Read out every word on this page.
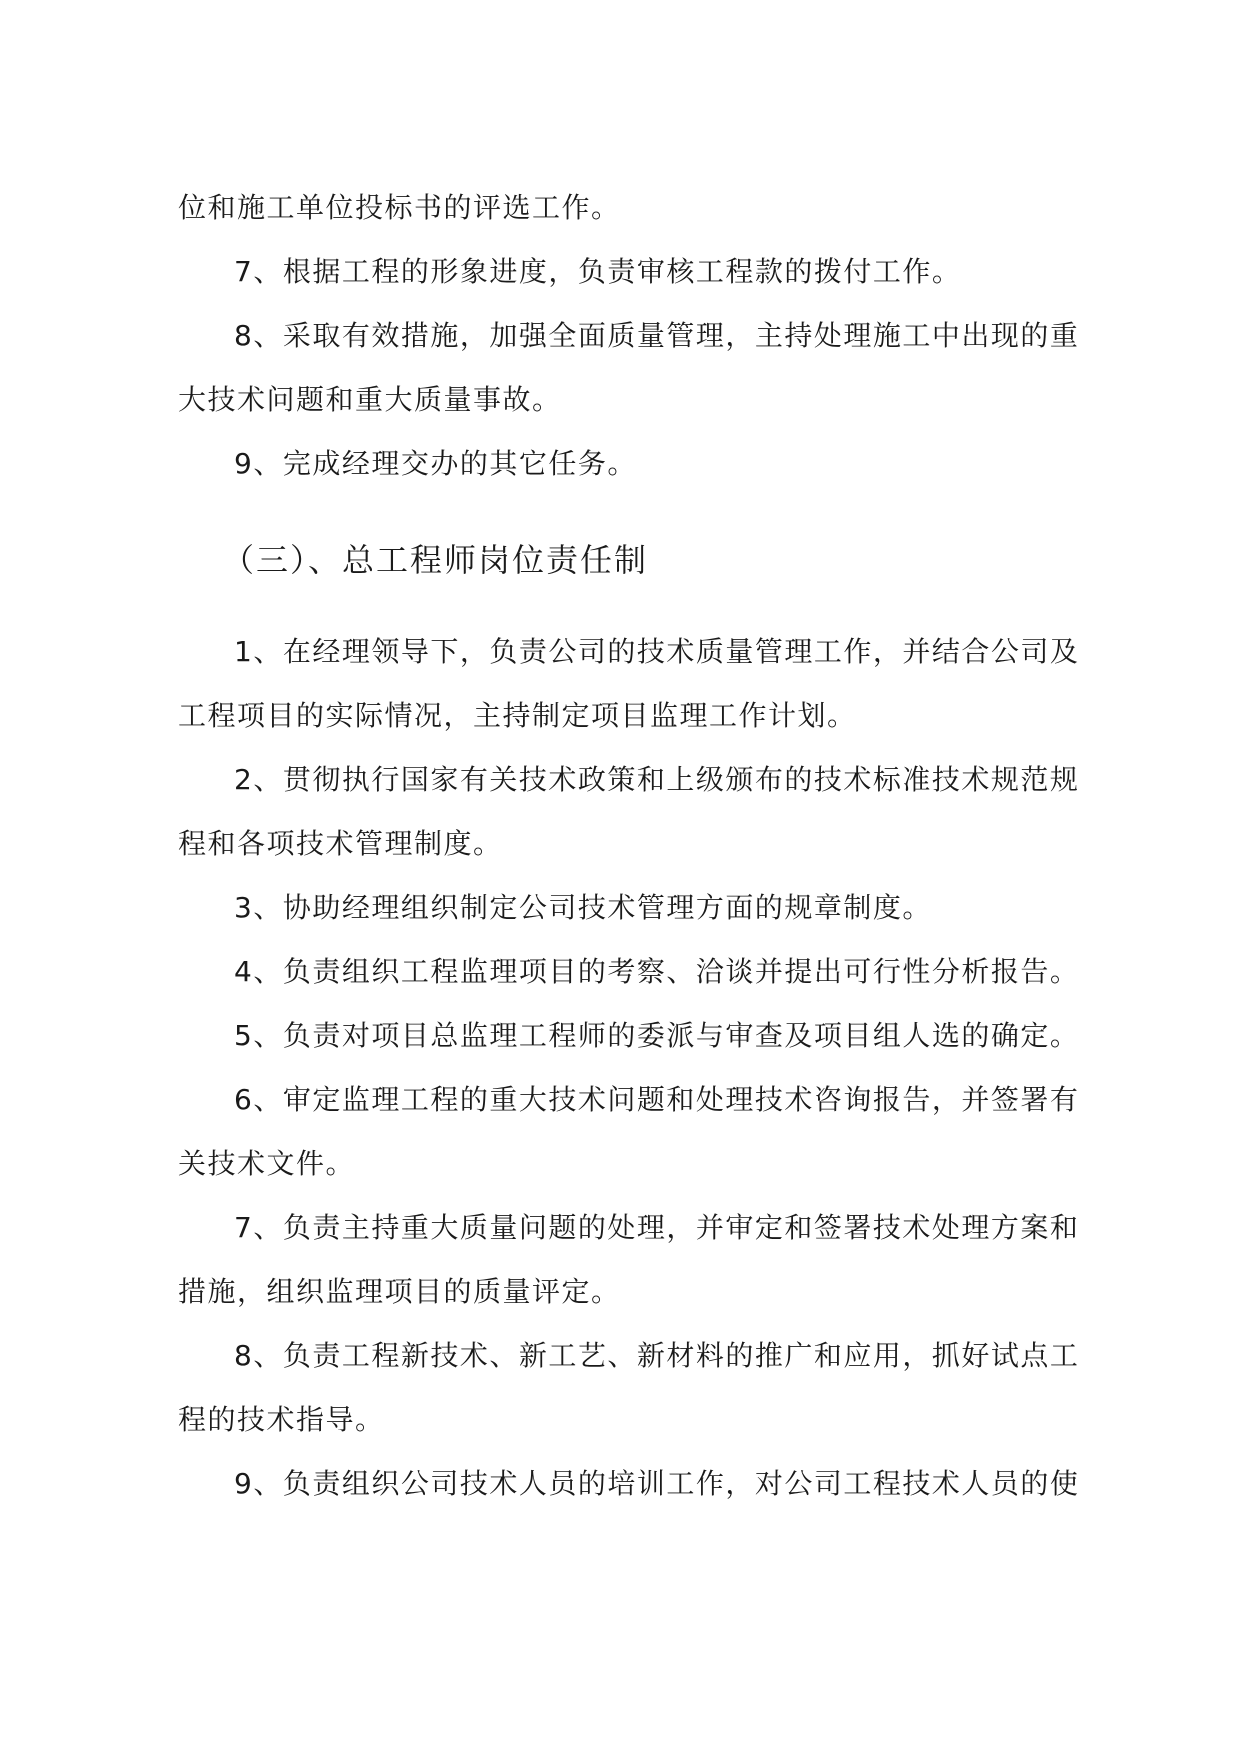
位和施工单位投标书的评选工作。
7、根据工程的形象进度，负责审核工程款的拨付工作。
8、采取有效措施，加强全面质量管理，主持处理施工中出现的重
大技术问题和重大质量事故。
9、完成经理交办的其它任务。
（三）、总工程师岗位责任制
1、在经理领导下，负责公司的技术质量管理工作，并结合公司及
工程项目的实际情况，主持制定项目监理工作计划。
2、贯彻执行国家有关技术政策和上级颁布的技术标准技术规范规
程和各项技术管理制度。
3、协助经理组织制定公司技术管理方面的规章制度。
4、负责组织工程监理项目的考察、洽谈并提出可行性分析报告。
5、负责对项目总监理工程师的委派与审查及项目组人选的确定。
6、审定监理工程的重大技术问题和处理技术咨询报告，并签署有
关技术文件。
7、负责主持重大质量问题的处理，并审定和签署技术处理方案和
措施，组织监理项目的质量评定。
8、负责工程新技术、新工艺、新材料的推广和应用，抓好试点工
程的技术指导。
9、负责组织公司技术人员的培训工作，对公司工程技术人员的使
